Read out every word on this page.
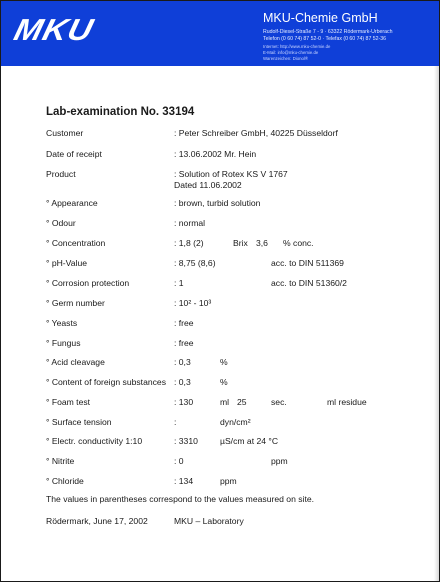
MKU	MKU-Chemie GmbH
Rudolf-Diesel-Straße 7 - 9 · 63322 Rödermark-Urberach
Telefon (0 60 74) 87 52-0 · Telefax (0 60 74) 87 52-36
Internet: http://www.mku-chemie.de
E-Mail: info@mku-chemie.de
Warenzeichen: Dionol®
Lab-examination No. 33194
Customer	: Peter Schreiber GmbH, 40225 Düsseldorf
Date of receipt	: 13.06.2002 Mr. Hein
Product	: Solution of Rotex KS V 1767
Dated 11.06.2002
° Appearance	: brown, turbid solution
° Odour	: normal
° Concentration	: 1,8 (2)	Brix 3,6 % conc.
° pH-Value	: 8,75 (8,6)	acc. to DIN 511369
° Corrosion protection	: 1	acc. to DIN 51360/2
° Germ number	: 10² - 10³
° Yeasts	: free
° Fungus	: free
° Acid cleavage	: 0,3	%
° Content of foreign substances : 0,3	%
° Foam test	: 130	ml 25	sec.	ml residue
° Surface tension	:	dyn/cm²
° Electr. conductivity 1:10	: 3310	µS/cm at 24 °C
° Nitrite	: 0	ppm
° Chloride	: 134	ppm
The values in parentheses correspond to the values measured on site.
Rödermark, June 17, 2002	MKU – Laboratory
